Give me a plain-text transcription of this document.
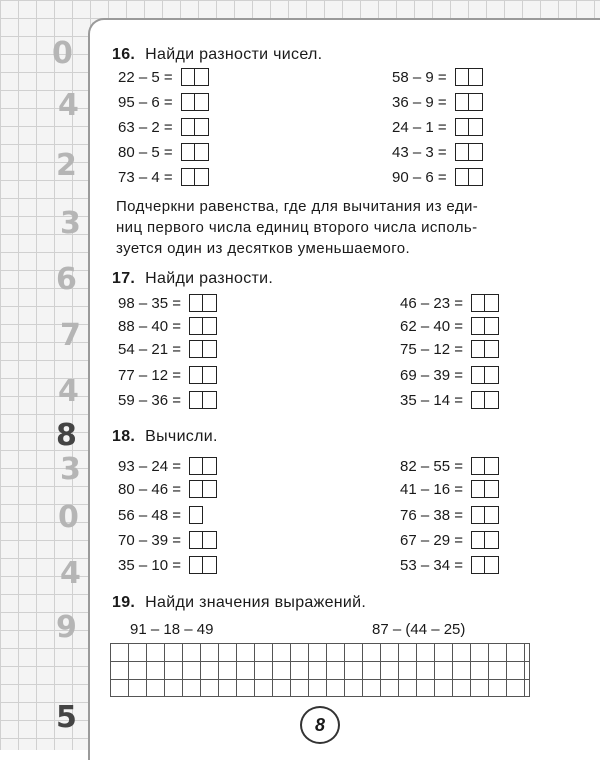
0
4
2
3
6
7
4
8
3
0
4
9
5
16. Найди разности чисел.
22 – 5 =
95 – 6 =
63 – 2 =
80 – 5 =
73 – 4 =
58 – 9 =
36 – 9 =
24 – 1 =
43 – 3 =
90 – 6 =
Подчеркни равенства, где для вычитания из еди-
ниц первого числа единиц второго числа исполь-
зуется один из десятков уменьшаемого.
17. Найди разности.
98 – 35 =
88 – 40 =
54 – 21 =
77 – 12 =
59 – 36 =
46 – 23 =
62 – 40 =
75 – 12 =
69 – 39 =
35 – 14 =
18. Вычисли.
93 – 24 =
80 – 46 =
56 – 48 =
70 – 39 =
35 – 10 =
82 – 55 =
41 – 16 =
76 – 38 =
67 – 29 =
53 – 34 =
19. Найди значения выражений.
91 – 18 – 49	87 – (44 – 25)
8
